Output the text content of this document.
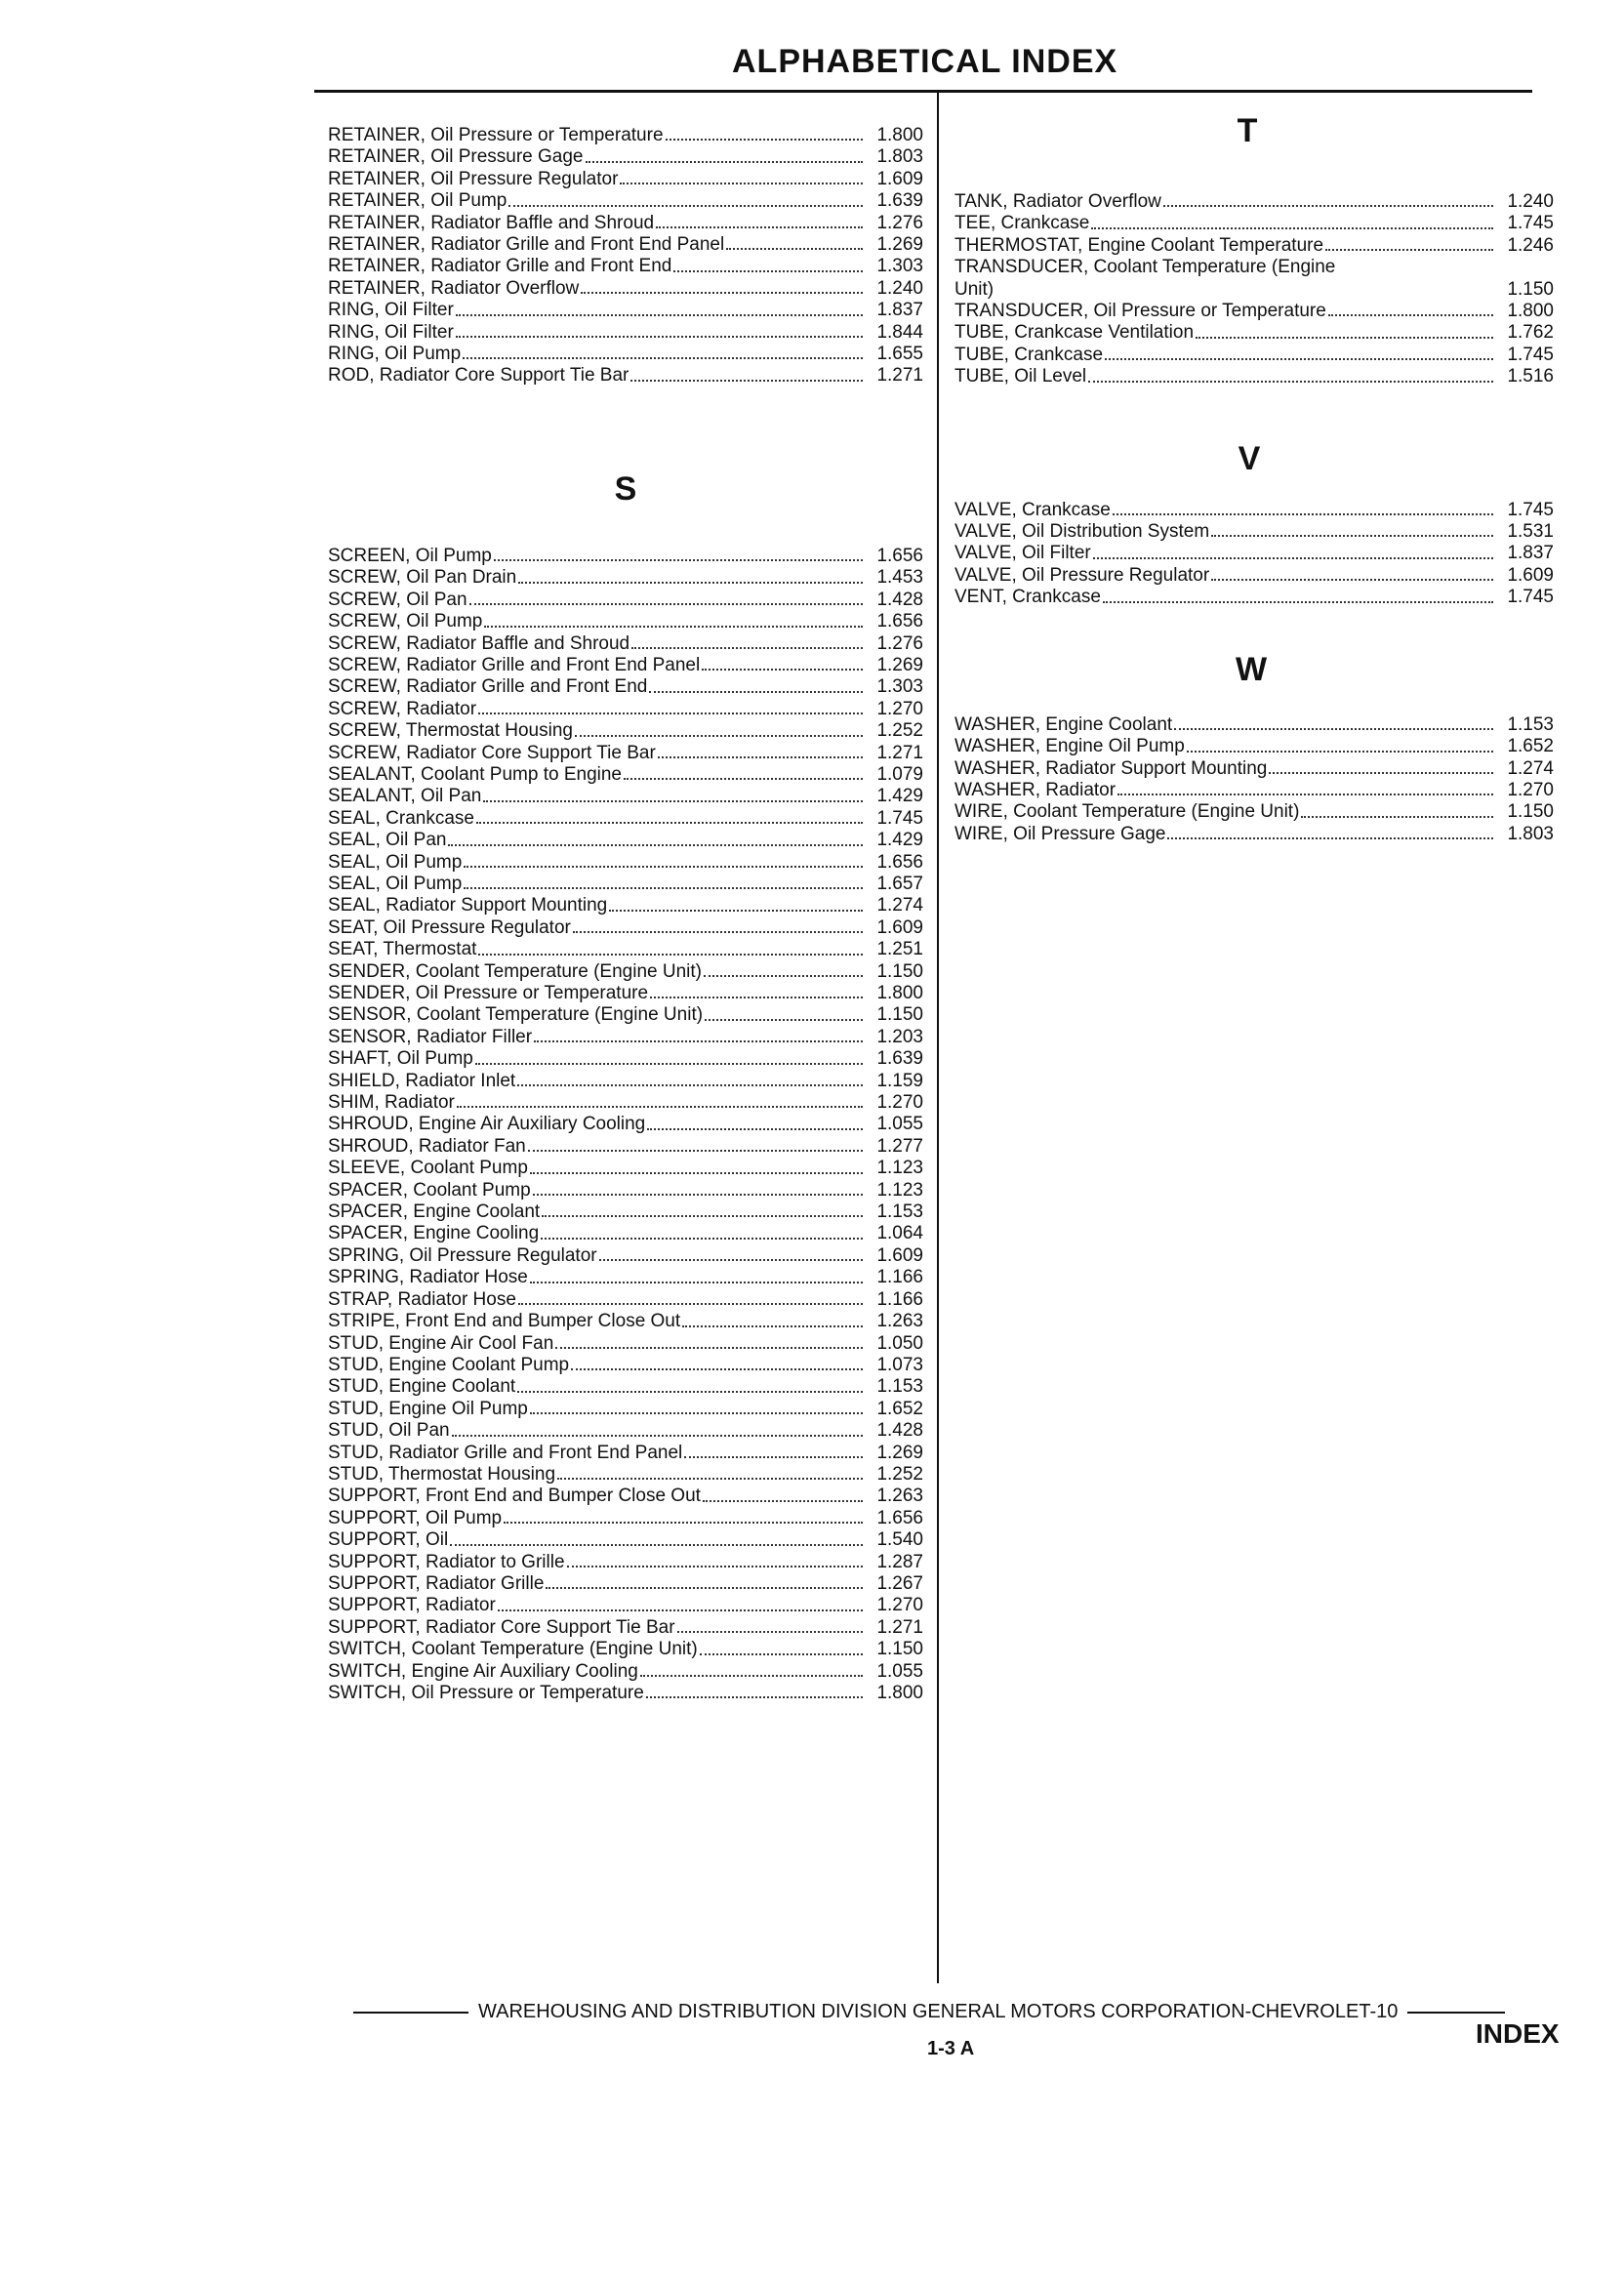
ALPHABETICAL INDEX
RETAINER, Oil Pressure or Temperature	1.800
RETAINER, Oil Pressure Gage	1.803
RETAINER, Oil Pressure Regulator	1.609
RETAINER, Oil Pump	1.639
RETAINER, Radiator Baffle and Shroud	1.276
RETAINER, Radiator Grille and Front End Panel	1.269
RETAINER, Radiator Grille and Front End	1.303
RETAINER, Radiator Overflow	1.240
RING, Oil Filter	1.837
RING, Oil Filter	1.844
RING, Oil Pump	1.655
ROD, Radiator Core Support Tie Bar	1.271
S
SCREEN, Oil Pump	1.656
SCREW, Oil Pan Drain	1.453
SCREW, Oil Pan	1.428
SCREW, Oil Pump	1.656
SCREW, Radiator Baffle and Shroud	1.276
SCREW, Radiator Grille and Front End Panel	1.269
SCREW, Radiator Grille and Front End	1.303
SCREW, Radiator	1.270
SCREW, Thermostat Housing	1.252
SCREW, Radiator Core Support Tie Bar	1.271
SEALANT, Coolant Pump to Engine	1.079
SEALANT, Oil Pan	1.429
SEAL, Crankcase	1.745
SEAL, Oil Pan	1.429
SEAL, Oil Pump	1.656
SEAL, Oil Pump	1.657
SEAL, Radiator Support Mounting	1.274
SEAT, Oil Pressure Regulator	1.609
SEAT, Thermostat	1.251
SENDER, Coolant Temperature (Engine Unit)	1.150
SENDER, Oil Pressure or Temperature	1.800
SENSOR, Coolant Temperature (Engine Unit)	1.150
SENSOR, Radiator Filler	1.203
SHAFT, Oil Pump	1.639
SHIELD, Radiator Inlet	1.159
SHIM, Radiator	1.270
SHROUD, Engine Air Auxiliary Cooling	1.055
SHROUD, Radiator Fan	1.277
SLEEVE, Coolant Pump	1.123
SPACER, Coolant Pump	1.123
SPACER, Engine Coolant	1.153
SPACER, Engine Cooling	1.064
SPRING, Oil Pressure Regulator	1.609
SPRING, Radiator Hose	1.166
STRAP, Radiator Hose	1.166
STRIPE, Front End and Bumper Close Out	1.263
STUD, Engine Air Cool Fan	1.050
STUD, Engine Coolant Pump	1.073
STUD, Engine Coolant	1.153
STUD, Engine Oil Pump	1.652
STUD, Oil Pan	1.428
STUD, Radiator Grille and Front End Panel	1.269
STUD, Thermostat Housing	1.252
SUPPORT, Front End and Bumper Close Out	1.263
SUPPORT, Oil Pump	1.656
SUPPORT, Oil	1.540
SUPPORT, Radiator to Grille	1.287
SUPPORT, Radiator Grille	1.267
SUPPORT, Radiator	1.270
SUPPORT, Radiator Core Support Tie Bar	1.271
SWITCH, Coolant Temperature (Engine Unit)	1.150
SWITCH, Engine Air Auxiliary Cooling	1.055
SWITCH, Oil Pressure or Temperature	1.800
T
TANK, Radiator Overflow	1.240
TEE, Crankcase	1.745
THERMOSTAT, Engine Coolant Temperature	1.246
TRANSDUCER, Coolant Temperature (Engine
Unit)	1.150
TRANSDUCER, Oil Pressure or Temperature	1.800
TUBE, Crankcase Ventilation	1.762
TUBE, Crankcase	1.745
TUBE, Oil Level	1.516
V
VALVE, Crankcase	1.745
VALVE, Oil Distribution System	1.531
VALVE, Oil Filter	1.837
VALVE, Oil Pressure Regulator	1.609
VENT, Crankcase	1.745
W
WASHER, Engine Coolant	1.153
WASHER, Engine Oil Pump	1.652
WASHER, Radiator Support Mounting	1.274
WASHER, Radiator	1.270
WIRE, Coolant Temperature (Engine Unit)	1.150
WIRE, Oil Pressure Gage	1.803
WAREHOUSING AND DISTRIBUTION DIVISION GENERAL MOTORS CORPORATION-CHEVROLET-10
1-3 A	INDEX
